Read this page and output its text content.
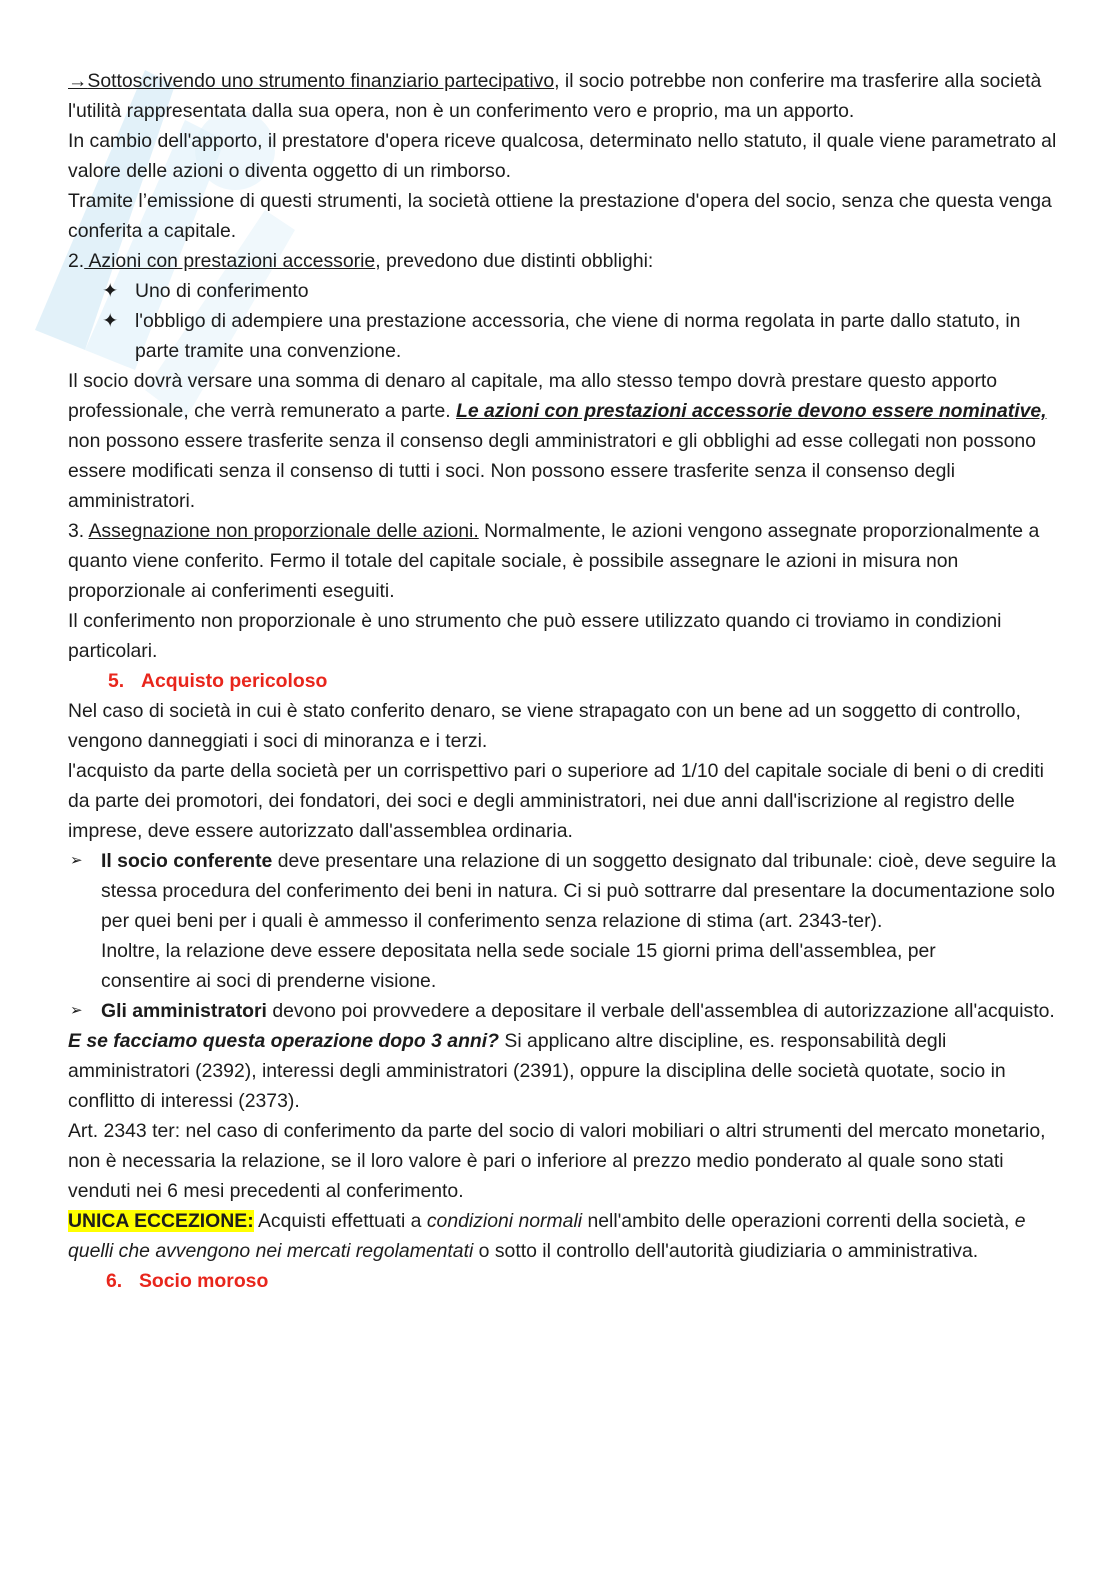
→Sottoscrivendo uno strumento finanziario partecipativo, il socio potrebbe non conferire ma trasferire alla società l'utilità rappresentata dalla sua opera, non è un conferimento vero e proprio, ma un apporto.

In cambio dell'apporto, il prestatore d'opera riceve qualcosa, determinato nello statuto, il quale viene parametrato al valore delle azioni o diventa oggetto di un rimborso.

Tramite l’emissione di questi strumenti, la società ottiene la prestazione d'opera del socio, senza che questa venga conferita a capitale.

2. Azioni con prestazioni accessorie, prevedono due distinti obblighi:

✦ Uno di conferimento
✦ l'obbligo di adempiere una prestazione accessoria, che viene di norma regolata in parte dallo statuto, in parte tramite una convenzione.

Il socio dovrà versare una somma di denaro al capitale, ma allo stesso tempo dovrà prestare questo apporto professionale, che verrà remunerato a parte. Le azioni con prestazioni accessorie devono essere nominative, non possono essere trasferite senza il consenso degli amministratori e gli obblighi ad esse collegati non possono essere modificati senza il consenso di tutti i soci. Non possono essere trasferite senza il consenso degli amministratori.

3. Assegnazione non proporzionale delle azioni. Normalmente, le azioni vengono assegnate proporzionalmente a quanto viene conferito. Fermo il totale del capitale sociale, è possibile assegnare le azioni in misura non proporzionale ai conferimenti eseguiti.

Il conferimento non proporzionale è uno strumento che può essere utilizzato quando ci troviamo in condizioni particolari.

5. Acquisto pericoloso

Nel caso di società in cui è stato conferito denaro, se viene strapagato con un bene ad un soggetto di controllo, vengono danneggiati i soci di minoranza e i terzi.

l'acquisto da parte della società per un corrispettivo pari o superiore ad 1/10 del capitale sociale di beni o di crediti da parte dei promotori, dei fondatori, dei soci e degli amministratori, nei due anni dall'iscrizione al registro delle imprese, deve essere autorizzato dall'assemblea ordinaria.

➢ Il socio conferente deve presentare una relazione di un soggetto designato dal tribunale: cioè, deve seguire la stessa procedura del conferimento dei beni in natura. Ci si può sottrarre dal presentare la documentazione solo per quei beni per i quali è ammesso il conferimento senza relazione di stima (art. 2343-ter).
Inoltre, la relazione deve essere depositata nella sede sociale 15 giorni prima dell'assemblea, per
consentire ai soci di prenderne visione.
➢ Gli amministratori devono poi provvedere a depositare il verbale dell'assemblea di autorizzazione all'acquisto.

E se facciamo questa operazione dopo 3 anni? Si applicano altre discipline, es. responsabilità degli amministratori (2392), interessi degli amministratori (2391), oppure la disciplina delle società quotate, socio in conflitto di interessi (2373).

Art. 2343 ter: nel caso di conferimento da parte del socio di valori mobiliari o altri strumenti del mercato monetario, non è necessaria la relazione, se il loro valore è pari o inferiore al prezzo medio ponderato al quale sono stati venduti nei 6 mesi precedenti al conferimento.

UNICA ECCEZIONE: Acquisti effettuati a condizioni normali nell'ambito delle operazioni correnti della società, e quelli che avvengono nei mercati regolamentati o sotto il controllo dell'autorità giudiziaria o amministrativa.

6. Socio moroso
